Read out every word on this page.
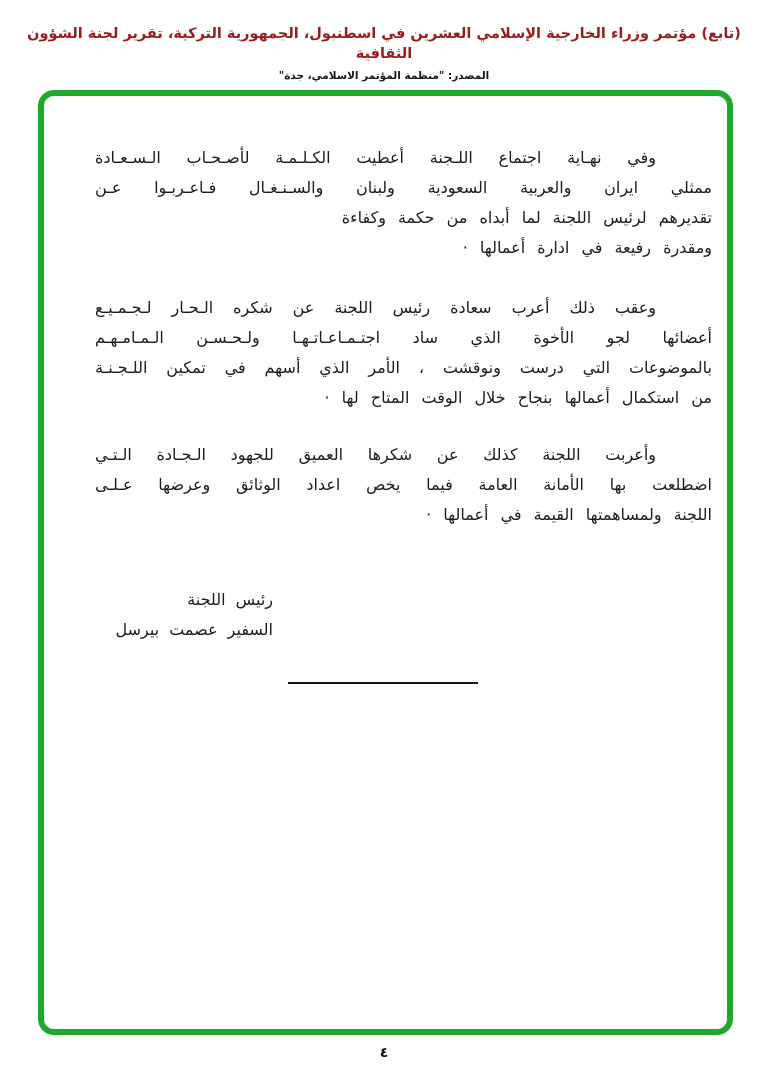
(تابع) مؤتمر وزراء الخارجية الإسلامي العشرين في اسطنبول، الجمهورية التركية، تقرير لجنة الشؤون الثقافية
المصدر: "منظمة المؤتمر الاسلامي، جدة"
وفي نهـاية اجتماع اللـجنة أعطيت الكـلـمـة لأصـحـاب الـسـعـادة
ممثلي ايران والعربية السعودية ولبنان والسـنـغـال فـاعـربـوا عـن
تقديرهم لرئيس اللجنة لما أبداه من حكمة وكفاءة
ومقدرة رفيعة في ادارة أعمالها ·
وعقب ذلك أعرب سعادة رئيس اللجنة عن شكره الـحـار لـجـمـيـع
أعضائها لجو الأخوة الذي ساد اجتـمـاعـاتـهـا ولـحـسـن الـمـامـهـم
بالموضوعات التي درست ونوقشت ، الأمر الذي أسهم في تمكين اللـجـنـة
من استكمال أعمالها بنجاح خلال الوقت المتاح لها ·
وأعربت اللجنة كذلك عن شكرها العميق للجهود الـجـادة الـتـي
اضطلعت بها الأمانة العامة فيما يخص اعداد الوثائق وعرضها عـلـى
اللجنة ولمساهمتها القيمة في أعمالها ·
رئيس اللجنة
السفير عصمت بيرسل
٤
